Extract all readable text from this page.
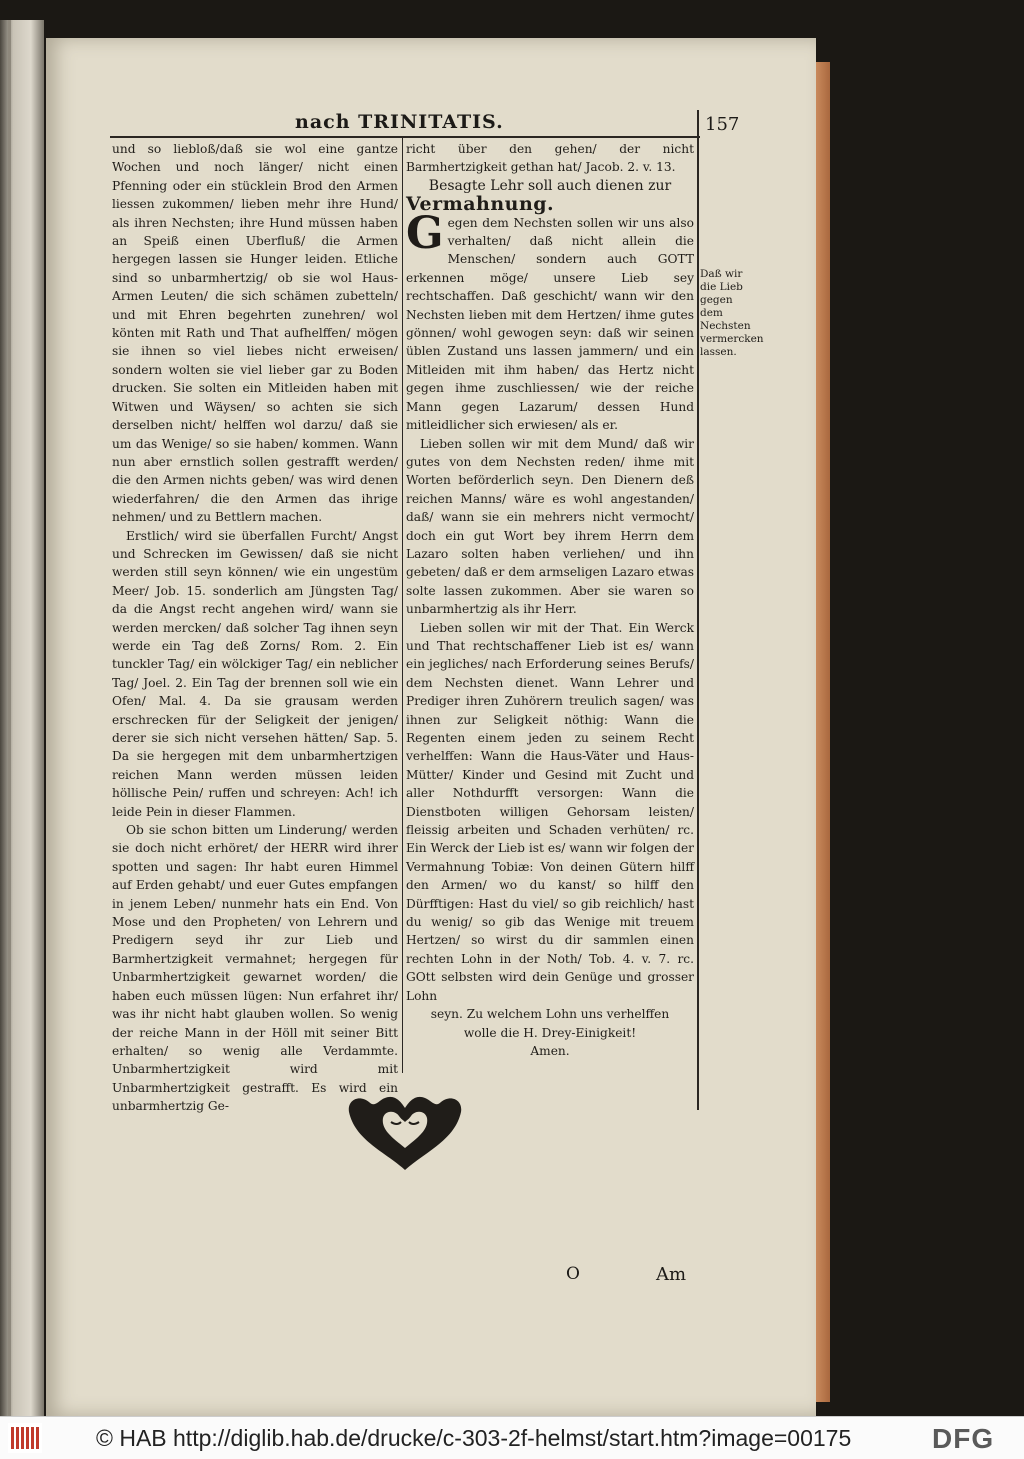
nach TRINITATIS.	157

und so liebloß/daß sie wol eine gantze Wochen und noch länger/ nicht einen Pfenning oder ein stücklein Brod den Armen liessen zukommen/ lieben mehr ihre Hund/ als ihren Nechsten; ihre Hund müssen haben an Speiß einen Uberfluß/ die Armen hergegen lassen sie Hunger leiden. Etliche sind so unbarmhertzig/ ob sie wol Haus-Armen Leuten/ die sich schämen zubetteln/ und mit Ehren begehrten zunehren/ wol könten mit Rath und That aufhelffen/ mögen sie ihnen so viel liebes nicht erweisen/ sondern wolten sie viel lieber gar zu Boden drucken. Sie solten ein Mitleiden haben mit Witwen und Wäysen/ so achten sie sich derselben nicht/ helffen wol darzu/ daß sie um das Wenige/ so sie haben/ kommen. Wann nun aber ernstlich sollen gestrafft werden/ die den Armen nichts geben/ was wird denen wiederfahren/ die den Armen das ihrige nehmen/ und zu Bettlern machen.

Erstlich/ wird sie überfallen Furcht/ Angst und Schrecken im Gewissen/ daß sie nicht werden still seyn können/ wie ein ungestüm Meer/ Job. 15. sonderlich am Jüngsten Tag/ da die Angst recht angehen wird/ wann sie werden mercken/ daß solcher Tag ihnen seyn werde ein Tag deß Zorns/ Rom. 2. Ein tunckler Tag/ ein wölckiger Tag/ ein neblicher Tag/ Joel. 2. Ein Tag der brennen soll wie ein Ofen/ Mal. 4. Da sie grausam werden erschrecken für der Seligkeit der jenigen/ derer sie sich nicht versehen hätten/ Sap. 5. Da sie hergegen mit dem unbarmhertzigen reichen Mann werden müssen leiden höllische Pein/ ruffen und schreyen: Ach! ich leide Pein in dieser Flammen.

Ob sie schon bitten um Linderung/ werden sie doch nicht erhöret/ der HERR wird ihrer spotten und sagen: Ihr habt euren Himmel auf Erden gehabt/ und euer Gutes empfangen in jenem Leben/ nunmehr hats ein End. Von Mose und den Propheten/ von Lehrern und Predigern seyd ihr zur Lieb und Barmhertzigkeit vermahnet; hergegen für Unbarmhertzigkeit gewarnet worden/ die haben euch müssen lügen: Nun erfahret ihr/ was ihr nicht habt glauben wollen. So wenig der reiche Mann in der Höll mit seiner Bitt erhalten/ so wenig alle Verdammte. Unbarmhertzigkeit wird mit Unbarmhertzigkeit gestrafft. Es wird ein unbarmhertzig Ge-

richt über den gehen/ der nicht Barmhertzigkeit gethan hat/ Jacob. 2. v. 13.

Besagte Lehr soll auch dienen zur

Vermahnung.

Gegen dem Nechsten sollen wir uns also verhalten/ daß nicht allein die Menschen/ sondern auch GOTT erkennen möge/ unsere Lieb sey rechtschaffen. Daß geschicht/ wann wir den Nechsten lieben mit dem Hertzen/ ihme gutes gönnen/ wohl gewogen seyn: daß wir seinen üblen Zustand uns lassen jammern/ und ein Mitleiden mit ihm haben/ das Hertz nicht gegen ihme zuschliessen/ wie der reiche Mann gegen Lazarum/ dessen Hund mitleidlicher sich erwiesen/ als er.

Lieben sollen wir mit dem Mund/ daß wir gutes von dem Nechsten reden/ ihme mit Worten beförderlich seyn. Den Dienern deß reichen Manns/ wäre es wohl angestanden/ daß/ wann sie ein mehrers nicht vermocht/ doch ein gut Wort bey ihrem Herrn dem Lazaro solten haben verliehen/ und ihn gebeten/ daß er dem armseligen Lazaro etwas solte lassen zukommen. Aber sie waren so unbarmhertzig als ihr Herr.

Lieben sollen wir mit der That. Ein Werck und That rechtschaffener Lieb ist es/ wann ein jegliches/ nach Erforderung seines Berufs/ dem Nechsten dienet. Wann Lehrer und Prediger ihren Zuhörern treulich sagen/ was ihnen zur Seligkeit nöthig: Wann die Regenten einem jeden zu seinem Recht verhelffen: Wann die Haus-Väter und Haus-Mütter/ Kinder und Gesind mit Zucht und aller Nothdurfft versorgen: Wann die Dienstboten willigen Gehorsam leisten/ fleissig arbeiten und Schaden verhüten/ rc. Ein Werck der Lieb ist es/ wann wir folgen der Vermahnung Tobiæ: Von deinen Gütern hilff den Armen/ wo du kanst/ so hilff den Dürfftigen: Hast du viel/ so gib reichlich/ hast du wenig/ so gib das Wenige mit treuem Hertzen/ so wirst du dir sammlen einen rechten Lohn in der Noth/ Tob. 4. v. 7. rc. GOtt selbsten wird dein Genüge und grosser Lohn

seyn. Zu welchem Lohn uns verhelffen

wolle die H. Drey-Einigkeit!

Amen.

Daß wir die Lieb gegen dem Nechsten vermercken lassen.
O	Am
© HAB http://diglib.hab.de/drucke/c-303-2f-helmst/start.htm?image=00175	DFG
